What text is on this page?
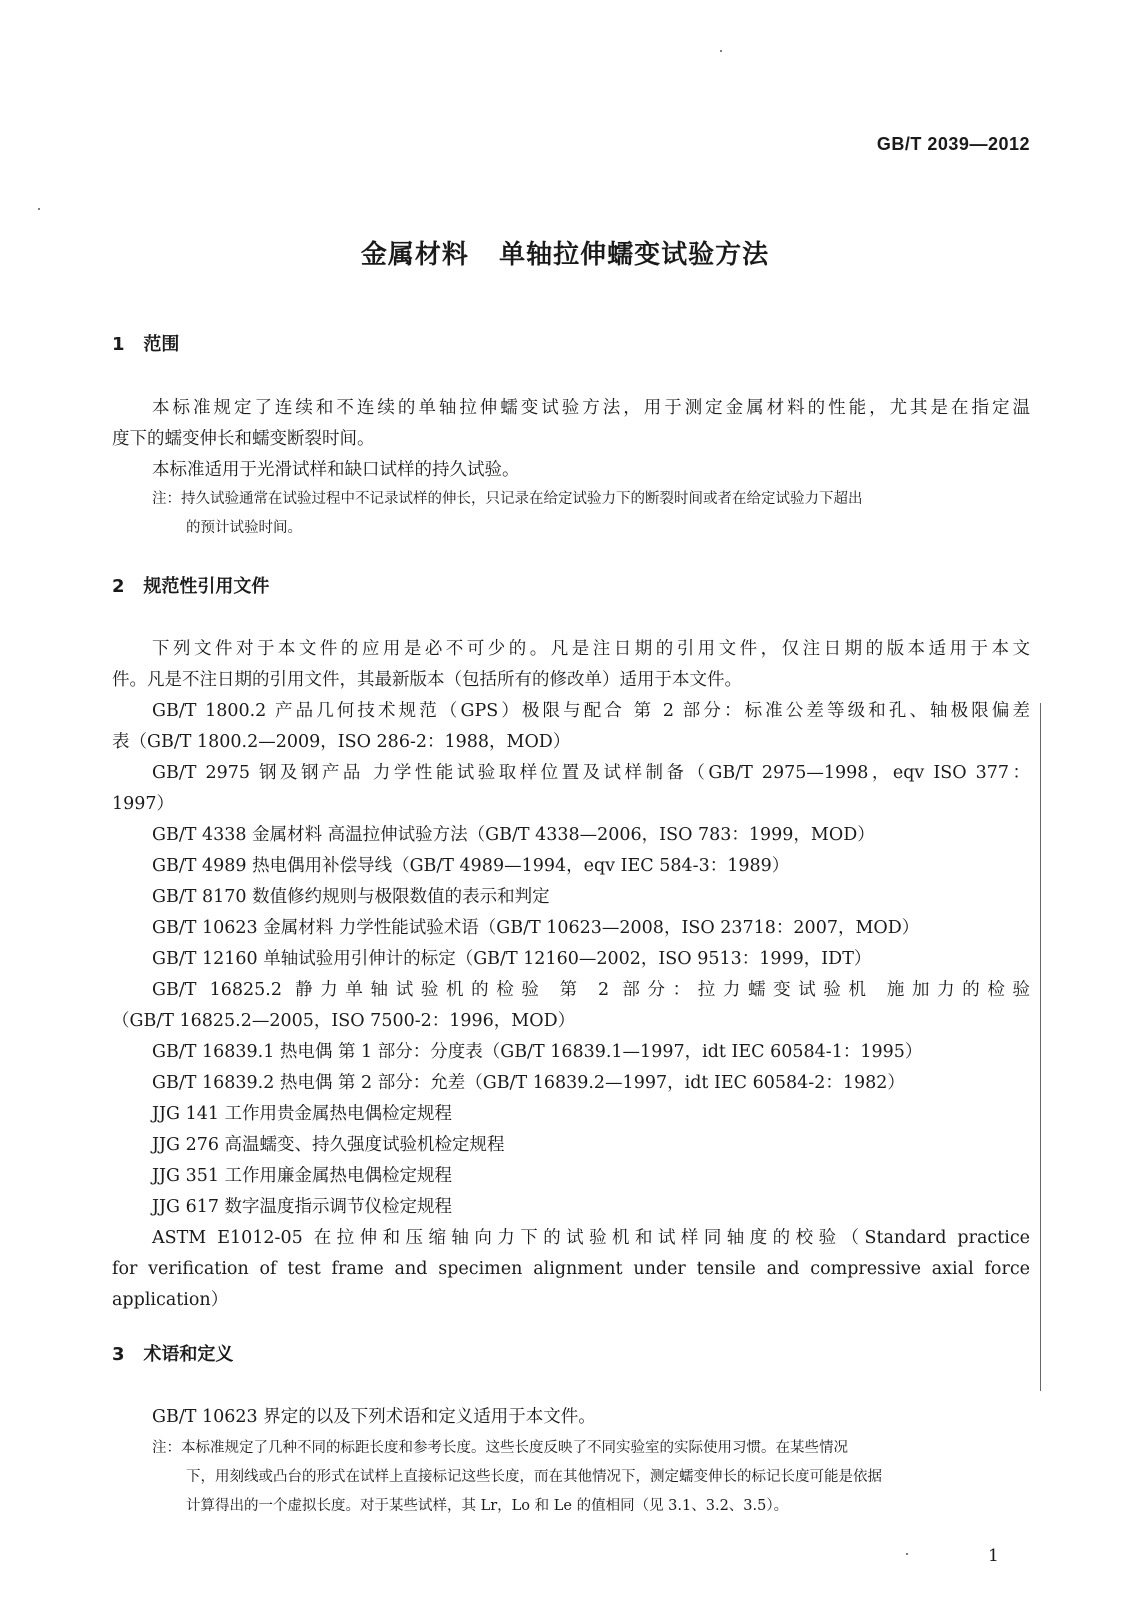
GB/T 2039—2012
金属材料   单轴拉伸蠕变试验方法
1   范围
本标准规定了连续和不连续的单轴拉伸蠕变试验方法，用于测定金属材料的性能，尤其是在指定温
度下的蠕变伸长和蠕变断裂时间。
本标准适用于光滑试样和缺口试样的持久试验。
注：持久试验通常在试验过程中不记录试样的伸长，只记录在给定试验力下的断裂时间或者在给定试验力下超出
的预计试验时间。
2   规范性引用文件
下列文件对于本文件的应用是必不可少的。凡是注日期的引用文件，仅注日期的版本适用于本文
件。凡是不注日期的引用文件，其最新版本（包括所有的修改单）适用于本文件。
GB/T 1800.2 产品几何技术规范（GPS）极限与配合 第 2 部分：标准公差等级和孔、轴极限偏差
表（GB/T 1800.2—2009，ISO 286-2：1988，MOD）
GB/T 2975 钢及钢产品 力学性能试验取样位置及试样制备（GB/T 2975—1998，eqv ISO 377：
1997）
GB/T 4338 金属材料 高温拉伸试验方法（GB/T 4338—2006，ISO 783：1999，MOD）
GB/T 4989 热电偶用补偿导线（GB/T 4989—1994，eqv IEC 584-3：1989）
GB/T 8170 数值修约规则与极限数值的表示和判定
GB/T 10623 金属材料 力学性能试验术语（GB/T 10623—2008，ISO 23718：2007，MOD）
GB/T 12160 单轴试验用引伸计的标定（GB/T 12160—2002，ISO 9513：1999，IDT）
GB/T 16825.2 静力单轴试验机的检验 第 2 部分：拉力蠕变试验机 施加力的检验
（GB/T 16825.2—2005，ISO 7500-2：1996，MOD）
GB/T 16839.1 热电偶 第 1 部分：分度表（GB/T 16839.1—1997，idt IEC 60584-1：1995）
GB/T 16839.2 热电偶 第 2 部分：允差（GB/T 16839.2—1997，idt IEC 60584-2：1982）
JJG 141 工作用贵金属热电偶检定规程
JJG 276 高温蠕变、持久强度试验机检定规程
JJG 351 工作用廉金属热电偶检定规程
JJG 617 数字温度指示调节仪检定规程
ASTM E1012-05 在拉伸和压缩轴向力下的试验机和试样同轴度的校验（Standard practice
for verification of test frame and specimen alignment under tensile and compressive axial force
application）
3   术语和定义
GB/T 10623 界定的以及下列术语和定义适用于本文件。
注：本标准规定了几种不同的标距长度和参考长度。这些长度反映了不同实验室的实际使用习惯。在某些情况
下，用刻线或凸台的形式在试样上直接标记这些长度，而在其他情况下，测定蠕变伸长的标记长度可能是依据
计算得出的一个虚拟长度。对于某些试样，其 Lr，Lo 和 Le 的值相同（见 3.1、3.2、3.5）。
1
